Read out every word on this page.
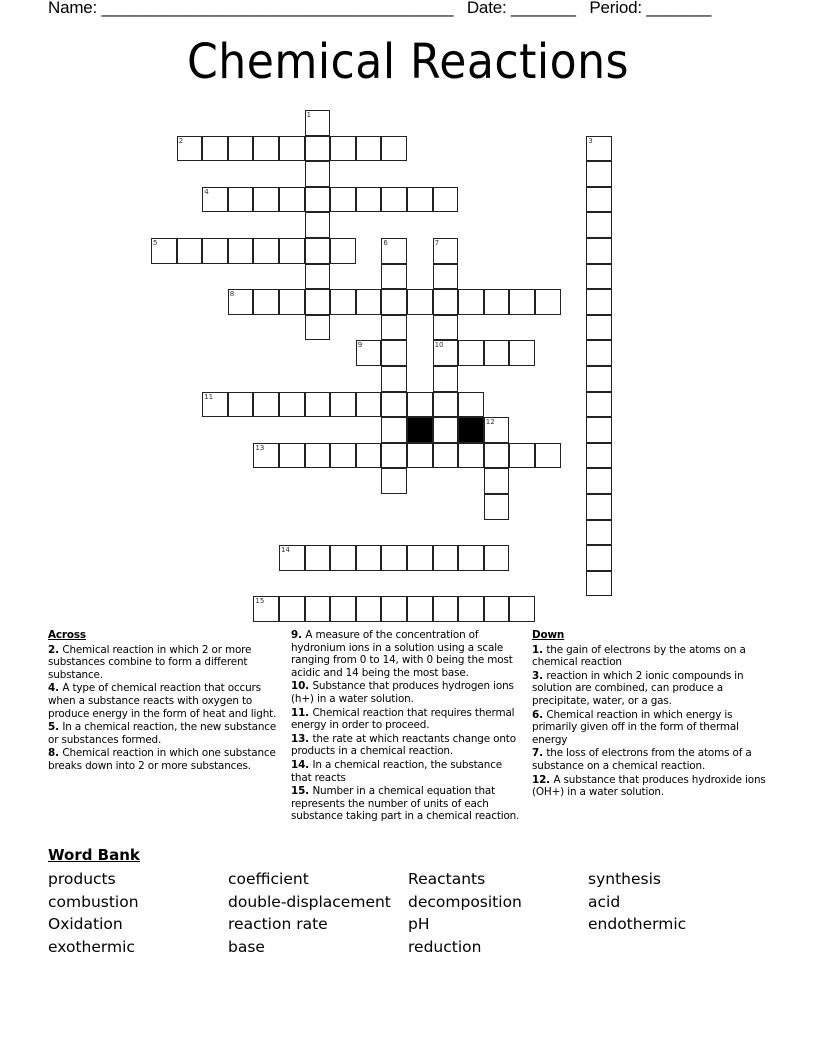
Name: ______________________________________ Date: _______ Period: _______
Chemical Reactions
1
2	3
4
5	6	7
10
8
9
11
12
13
14
15
Across
2. Chemical reaction in which 2 or more substances combine to form a different substance.
4. A type of chemical reaction that occurs when a substance reacts with oxygen to produce energy in the form of heat and light.
5. In a chemical reaction, the new substance or substances formed.
8. Chemical reaction in which one substance breaks down into 2 or more substances.
9. A measure of the concentration of hydronium ions in a solution using a scale ranging from 0 to 14, with 0 being the most acidic and 14 being the most base.
10. Substance that produces hydrogen ions (h+) in a water solution.
11. Chemical reaction that requires thermal energy in order to proceed.
13. the rate at which reactants change onto products in a chemical reaction.
14. In a chemical reaction, the substance that reacts
15. Number in a chemical equation that represents the number of units of each substance taking part in a chemical reaction.
Down
1. the gain of electrons by the atoms on a chemical reaction
3. reaction in which 2 ionic compounds in solution are combined, can produce a precipitate, water, or a gas.
6. Chemical reaction in which energy is primarily given off in the form of thermal energy
7. the loss of electrons from the atoms of a substance on a chemical reaction.
12. A substance that produces hydroxide ions (OH+) in a water solution.
Word Bank
products	coefficient	Reactants	synthesis
combustion	double-displacement	decomposition	acid
Oxidation	reaction rate	pH	endothermic
exothermic	base	reduction
